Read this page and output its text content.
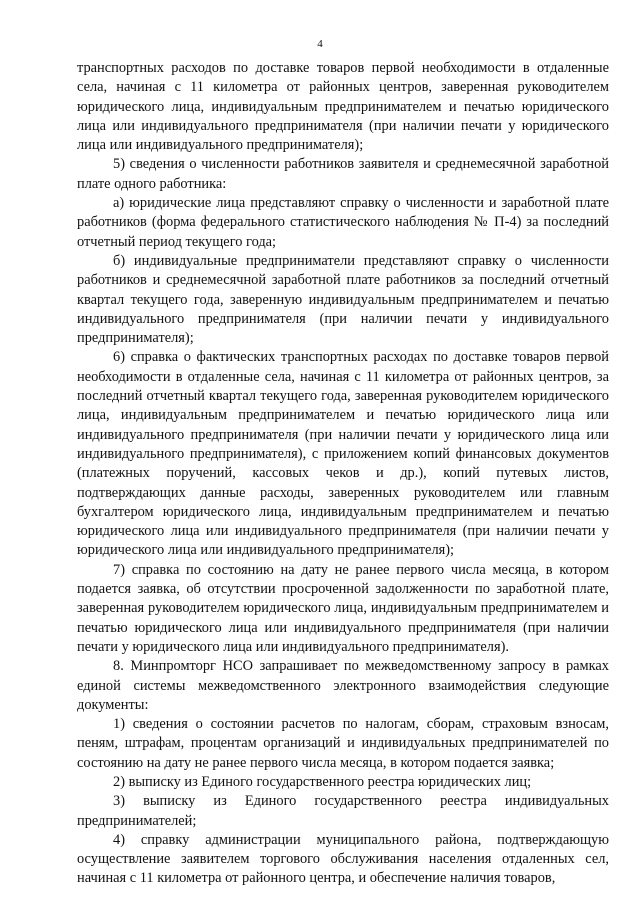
4

транспортных расходов по доставке товаров первой необходимости в отдаленные села, начиная с 11 километра от районных центров, заверенная руководителем юридического лица, индивидуальным предпринимателем и печатью юридического лица или индивидуального предпринимателя (при наличии печати у юридического лица или индивидуального предпринимателя);

5) сведения о численности работников заявителя и среднемесячной заработной плате одного работника:

а) юридические лица представляют справку о численности и заработной плате работников (форма федерального статистического наблюдения № П-4) за последний отчетный период текущего года;

б) индивидуальные предприниматели представляют справку о численности работников и среднемесячной заработной плате работников за последний отчетный квартал текущего года, заверенную индивидуальным предпринимателем и печатью индивидуального предпринимателя (при наличии печати у индивидуального предпринимателя);

6) справка о фактических транспортных расходах по доставке товаров первой необходимости в отдаленные села, начиная с 11 километра от районных центров, за последний отчетный квартал текущего года, заверенная руководителем юридического лица, индивидуальным предпринимателем и печатью юридического лица или индивидуального предпринимателя (при наличии печати у юридического лица или индивидуального предпринимателя), с приложением копий финансовых документов (платежных поручений, кассовых чеков и др.), копий путевых листов, подтверждающих данные расходы, заверенных руководителем или главным бухгалтером юридического лица, индивидуальным предпринимателем и печатью юридического лица или индивидуального предпринимателя (при наличии печати у юридического лица или индивидуального предпринимателя);

7) справка по состоянию на дату не ранее первого числа месяца, в котором подается заявка, об отсутствии просроченной задолженности по заработной плате, заверенная руководителем юридического лица, индивидуальным предпринимателем и печатью юридического лица или индивидуального предпринимателя (при наличии печати у юридического лица или индивидуального предпринимателя).

8. Минпромторг НСО запрашивает по межведомственному запросу в рамках единой системы межведомственного электронного взаимодействия следующие документы:

1) сведения о состоянии расчетов по налогам, сборам, страховым взносам, пеням, штрафам, процентам организаций и индивидуальных предпринимателей по состоянию на дату не ранее первого числа месяца, в котором подается заявка;

2) выписку из Единого государственного реестра юридических лиц;

3) выписку из Единого государственного реестра индивидуальных предпринимателей;

4) справку администрации муниципального района, подтверждающую осуществление заявителем торгового обслуживания населения отдаленных сел, начиная с 11 километра от районного центра, и обеспечение наличия товаров,
